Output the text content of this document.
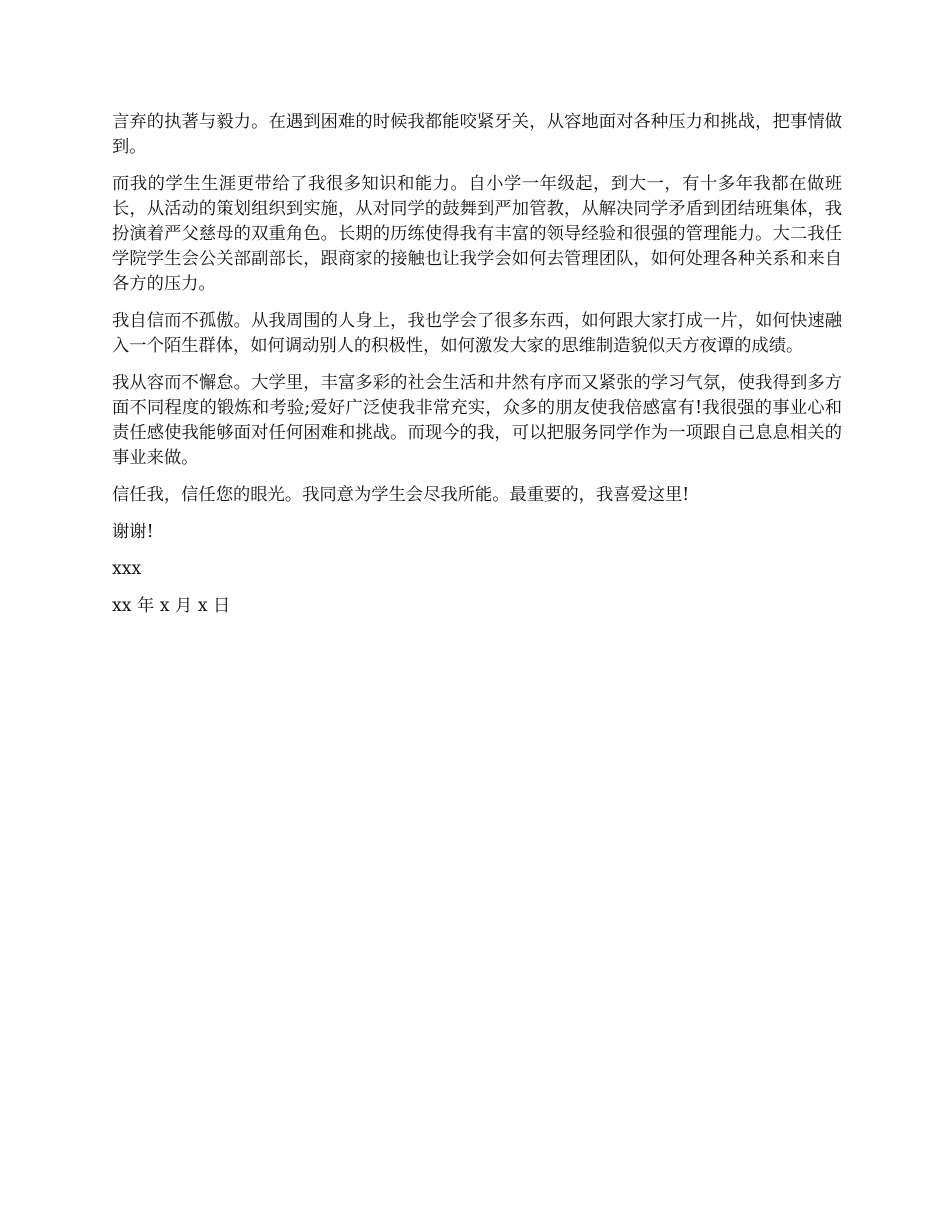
言弃的执著与毅力。在遇到困难的时候我都能咬紧牙关，从容地面对各种压力和挑战，把事情做到。

而我的学生生涯更带给了我很多知识和能力。自小学一年级起，到大一，有十多年我都在做班长，从活动的策划组织到实施，从对同学的鼓舞到严加管教，从解决同学矛盾到团结班集体，我扮演着严父慈母的双重角色。长期的历练使得我有丰富的领导经验和很强的管理能力。大二我任学院学生会公关部副部长，跟商家的接触也让我学会如何去管理团队，如何处理各种关系和来自各方的压力。

我自信而不孤傲。从我周围的人身上，我也学会了很多东西，如何跟大家打成一片，如何快速融入一个陌生群体，如何调动别人的积极性，如何激发大家的思维制造貌似天方夜谭的成绩。

我从容而不懈怠。大学里，丰富多彩的社会生活和井然有序而又紧张的学习气氛，使我得到多方面不同程度的锻炼和考验;爱好广泛使我非常充实，众多的朋友使我倍感富有!我很强的事业心和责任感使我能够面对任何困难和挑战。而现今的我，可以把服务同学作为一项跟自己息息相关的事业来做。

信任我，信任您的眼光。我同意为学生会尽我所能。最重要的，我喜爱这里!

谢谢!

xxx

xx 年 x 月 x 日
